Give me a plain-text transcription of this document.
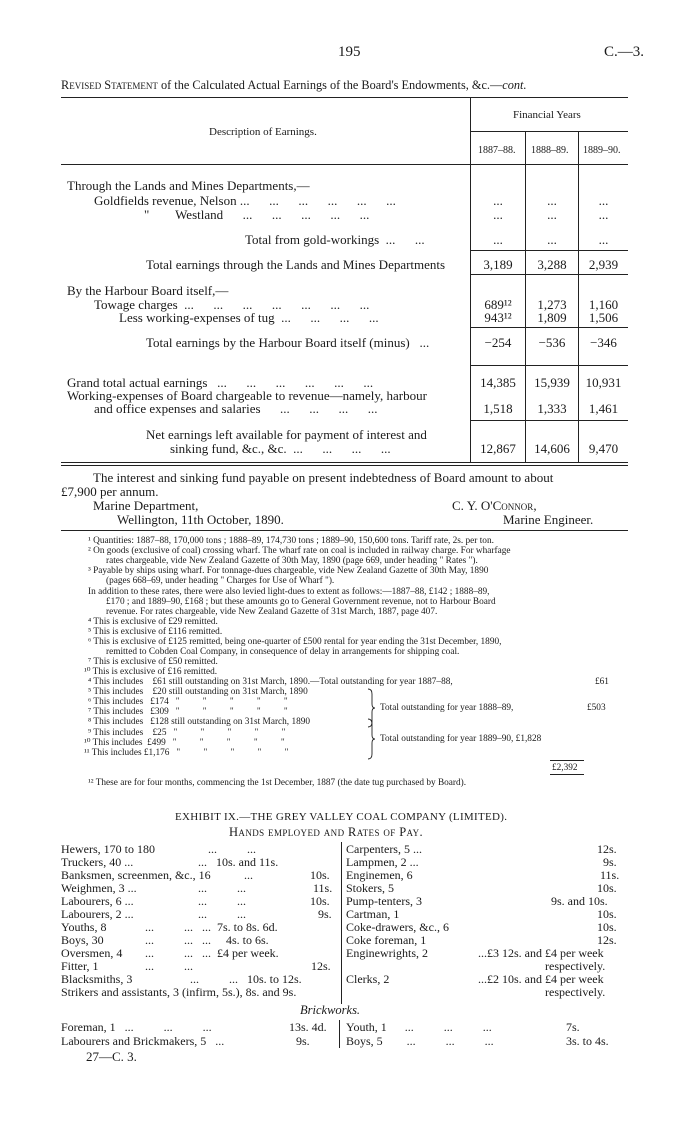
195	C.—3.
Revised Statement of the Calculated Actual Earnings of the Board's Endowments, &c.—cont.
Description of Earnings.
Financial Years
1887–88. 1888–89. 1889–90.
Through the Lands and Mines Departments,—
Goldfields revenue, Nelson ...      ...      ...      ...      ...      ...	...	...	...
"        Westland      ...      ...      ...      ...      ...	...	...	...
Total from gold-workings  ...      ...	...	...	...
Total earnings through the Lands and Mines Departments	3,189	3,288	2,939
By the Harbour Board itself,—
Towage charges  ...      ...      ...      ...      ...      ...      ...	689¹²	1,273	1,160
Less working-expenses of tug  ...      ...      ...      ...	943¹²	1,809	1,506
Total earnings by the Harbour Board itself (minus)   ...	−254	−536	−346
Grand total actual earnings   ...      ...      ...      ...      ...      ...	14,385	15,939	10,931
Working-expenses of Board chargeable to revenue—namely, harbour
and office expenses and salaries      ...      ...      ...      ...	1,518	1,333	1,461
Net earnings left available for payment of interest and
sinking fund, &c., &c.  ...      ...      ...      ...	12,867	14,606	9,470
The interest and sinking fund payable on present indebtedness of Board amount to about
£7,900 per annum.
Marine Department,
Wellington, 11th October, 1890.
C. Y. O'Connor,
Marine Engineer.
¹ Quantities: 1887–88, 170,000 tons ; 1888–89, 174,730 tons ; 1889–90, 150,600 tons. Tariff rate, 2s. per ton.
² On goods (exclusive of coal) crossing wharf. The wharf rate on coal is included in railway charge. For wharfage
rates chargeable, vide New Zealand Gazette of 30th May, 1890 (page 669, under heading " Rates ").
³ Payable by ships using wharf. For tonnage-dues chargeable, vide New Zealand Gazette of 30th May, 1890
(pages 668–69, under heading " Charges for Use of Wharf ").
In addition to these rates, there were also levied light-dues to extent as follows:—1887–88, £142 ; 1888–89,
£170 ; and 1889–90, £168 ; but these amounts go to General Government revenue, not to Harbour Board
revenue. For rates chargeable, vide New Zealand Gazette of 31st March, 1887, page 407.
⁴ This is exclusive of £29 remitted.
⁵ This is exclusive of £116 remitted.
⁶ This is exclusive of £125 remitted, being one-quarter of £500 rental for year ending the 31st December, 1890,
remitted to Cobden Coal Company, in consequence of delay in arrangements for shipping coal.
⁷ This is exclusive of £50 remitted.
¹⁰ This is exclusive of £16 remitted.
⁴ This includes    £61 still outstanding on 31st March, 1890.—Total outstanding for year 1887–88,	£61
⁵ This includes    £20 still outstanding on 31st March, 1890
⁶ This includes   £174   "          "          "          "          "
⁷ This includes   £309   "          "          "          "          "
⁸ This includes   £128 still outstanding on 31st March, 1890
⁹ This includes    £25   "          "          "          "          "
¹⁰ This includes  £499   "          "          "          "          "
¹¹ This includes £1,176   "          "          "          "          "
Total outstanding for year 1888–89,	£503
Total outstanding for year 1889–90, £1,828
£2,392
¹² These are for four months, commencing the 1st December, 1887 (the date tug purchased by Board).
EXHIBIT IX.—THE GREY VALLEY COAL COMPANY (LIMITED).
Hands employed and Rates of Pay.
Hewers, 170 to 180	...          ...
Truckers, 40 ...	...   10s. and 11s.
Banksmen, screenmen, &c., 16	...	10s.
Weighmen, 3 ...	...          ...	11s.
Labourers, 6 ...	...          ...	10s.
Labourers, 2 ...	...          ...	9s.
Youths, 8	...          ...   ...  7s. to 8s. 6d.
Boys, 30	...          ...   ...     4s. to 6s.
Oversmen, 4 ...          ...   ...  £4 per week.
Fitter, 1	...          ...	12s.
Blacksmiths, 3	...          ...   10s. to 12s.
Strikers and assistants, 3 (infirm, 5s.), 8s. and 9s.
Carpenters, 5 ...	12s.
Lampmen, 2 ...	9s.
Enginemen, 6	11s.
Stokers, 5	10s.
Pump-tenters, 3	9s. and 10s.
Cartman, 1	10s.
Coke-drawers, &c., 6	10s.
Coke foreman, 1	12s.
Enginewrights, 2	...£3 12s. and £4 per week
respectively.
Clerks, 2	...£2 10s. and £4 per week
respectively.
Brickworks.
Foreman, 1   ...          ...          ...	13s. 4d.
Labourers and Brickmakers, 5   ...	9s.
Youth, 1      ...          ...          ...	7s.
Boys, 5        ...          ...          ...	3s. to 4s.
27—C. 3.
